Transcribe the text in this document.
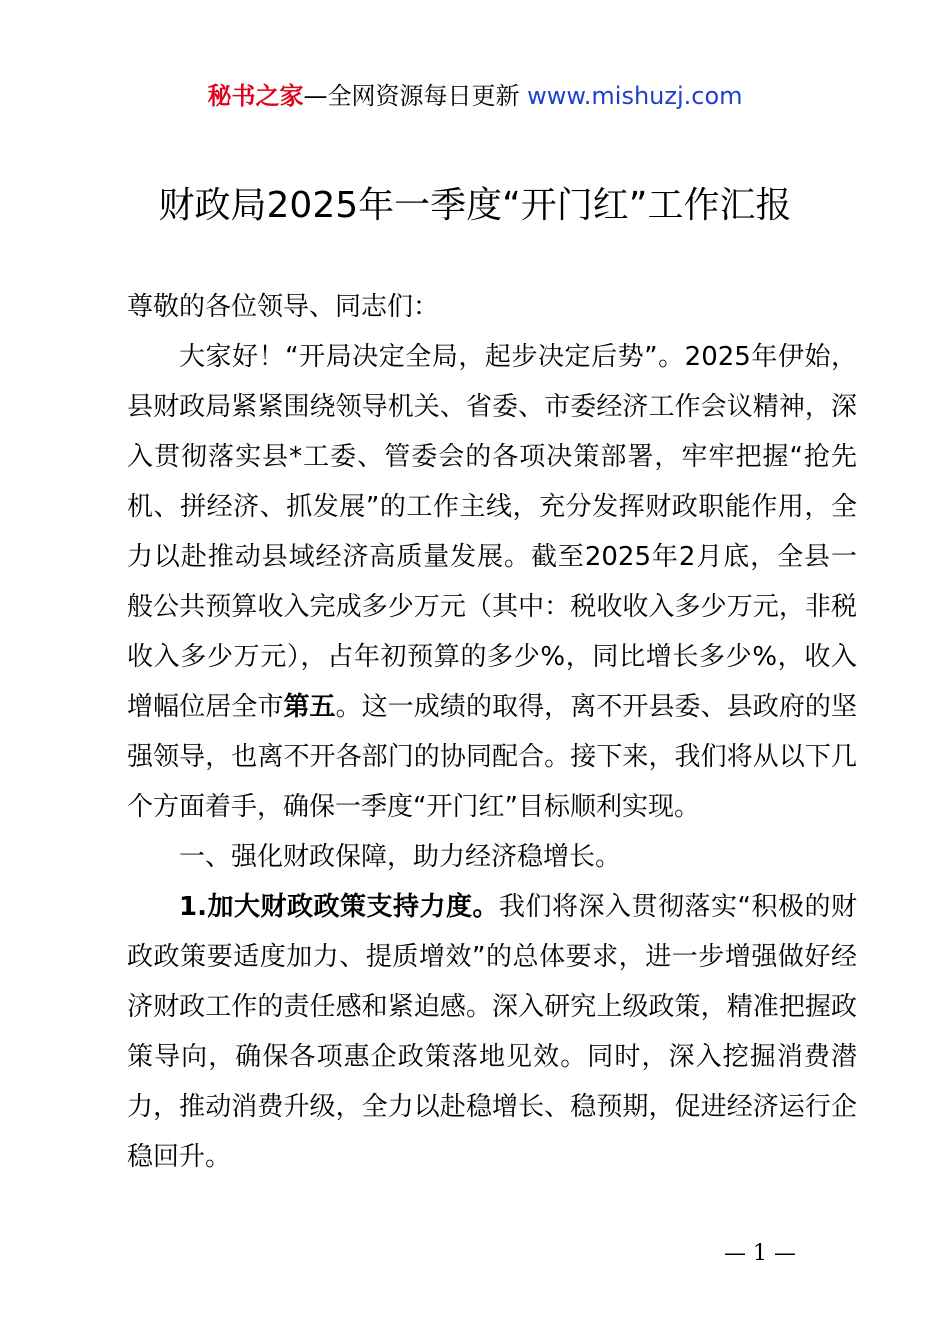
秘书之家—全网资源每日更新 www.mishuzj.com
财政局2025年一季度“开门红”工作汇报

尊敬的各位领导、同志们：

大家好！“开局决定全局，起步决定后势”。2025年伊始，县财政局紧紧围绕领导机关、省委、市委经济工作会议精神，深入贯彻落实县*工委、管委会的各项决策部署，牢牢把握“抢先机、拼经济、抓发展”的工作主线，充分发挥财政职能作用，全力以赴推动县域经济高质量发展。截至2025年2月底，全县一般公共预算收入完成多少万元（其中：税收收入多少万元，非税收入多少万元），占年初预算的多少%，同比增长多少%，收入增幅位居全市第五。这一成绩的取得，离不开县委、县政府的坚强领导，也离不开各部门的协同配合。接下来，我们将从以下几个方面着手，确保一季度“开门红”目标顺利实现。

一、强化财政保障，助力经济稳增长。

1.加大财政政策支持力度。我们将深入贯彻落实“积极的财政政策要适度加力、提质增效”的总体要求，进一步增强做好经济财政工作的责任感和紧迫感。深入研究上级政策，精准把握政策导向，确保各项惠企政策落地见效。同时，深入挖掘消费潜力，推动消费升级，全力以赴稳增长、稳预期，促进经济运行企稳回升。

— 1 —
